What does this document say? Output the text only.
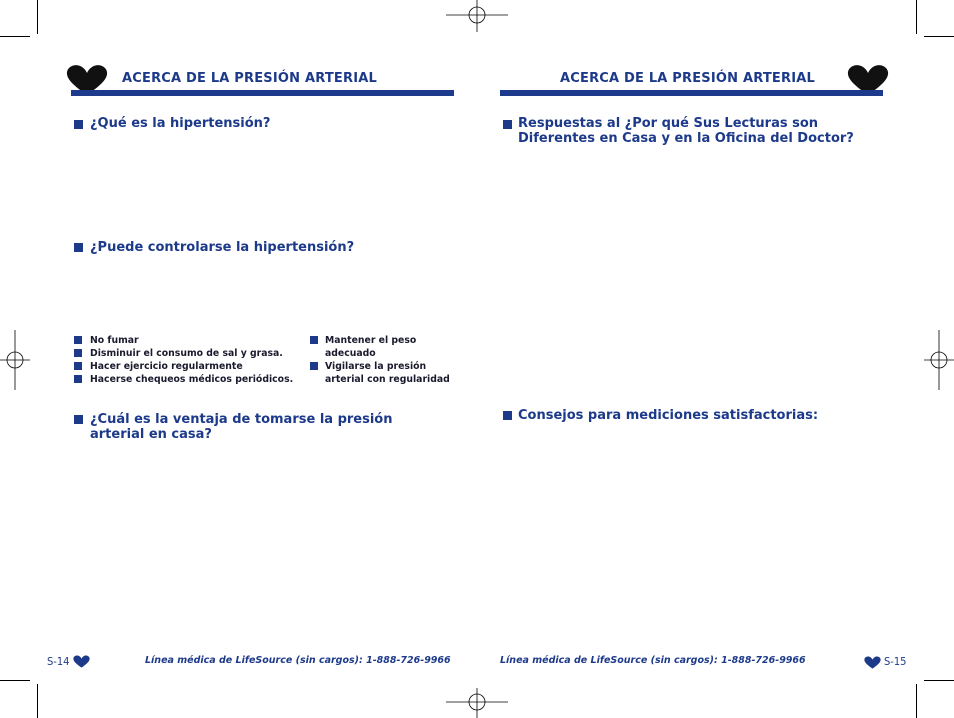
ACERCA DE LA PRESIÓN ARTERIAL
¿Qué es la hipertensión?
¿Puede controlarse la hipertensión?
No fumar
Disminuir el consumo de sal y grasa.
Hacer ejercicio regularmente
Hacerse chequeos médicos periódicos.
Mantener el peso
adecuado
Vigilarse la presión
arterial con regularidad
¿Cuál es la ventaja de tomarse la presión
arterial en casa?
S-14	Línea médica de LifeSource (sin cargos): 1-888-726-9966
ACERCA DE LA PRESIÓN ARTERIAL
Respuestas al ¿Por qué Sus Lecturas son
Diferentes en Casa y en la Oficina del Doctor?
Consejos para mediciones satisfactorias:
Línea médica de LifeSource (sin cargos): 1-888-726-9966	S-15
